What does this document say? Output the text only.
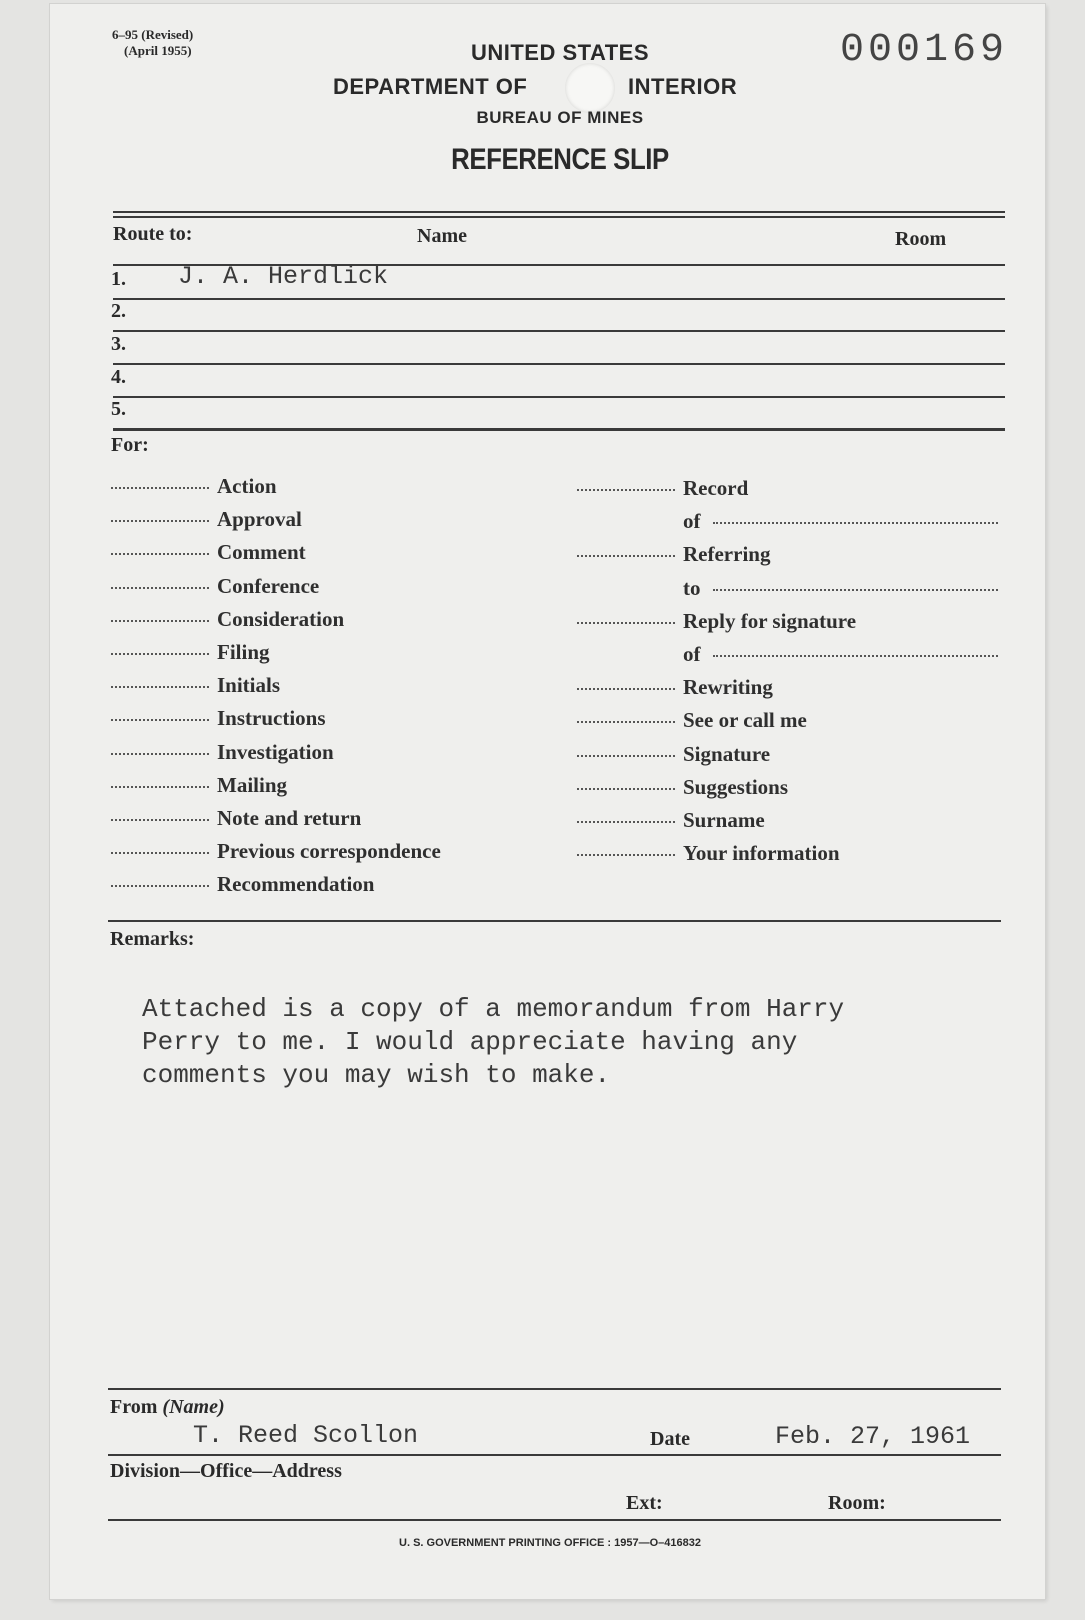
6–95 (Revised)
(April 1955)	000169
UNITED STATES
DEPARTMENT OF	INTERIOR
BUREAU OF MINES
REFERENCE SLIP
Route to:	Name	Room
1. J. A. Herdlick
2.
3.
4.
5.
For:
Action
Approval
Comment
Conference
Consideration
Filing
Initials
Instructions
Investigation
Mailing
Note and return
Previous correspondence
Recommendation
Record
of
Referring
to
Reply for signature
of
Rewriting
See or call me
Signature
Suggestions
Surname
Your information
Remarks:
Attached is a copy of a memorandum from Harry
Perry to me. I would appreciate having any
comments you may wish to make.
From (Name)
T. Reed Scollon	Date	Feb. 27, 1961
Division—Office—Address
Ext:	Room:
U. S. GOVERNMENT PRINTING OFFICE : 1957—O–416832
